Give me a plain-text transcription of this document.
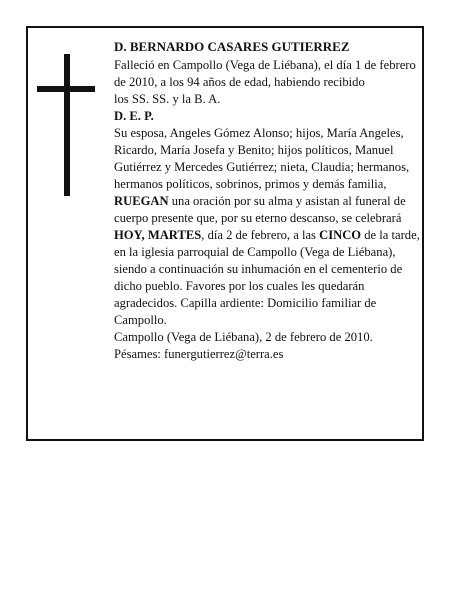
D. BERNARDO CASARES GUTIERREZ

Falleció en Campollo (Vega de Liébana), el día 1 de febrero de 2010, a los 94 años de edad, habiendo recibido

los SS. SS. y la B. A.

D. E. P.

Su esposa, Angeles Gómez Alonso; hijos, María Angeles, Ricardo, María Josefa y Benito; hijos políticos, Manuel Gutiérrez y Mercedes Gutiérrez; nieta, Claudia; hermanos, hermanos políticos, sobrinos, primos y demás familia,

RUEGAN una oración por su alma y asistan al funeral de cuerpo presente que, por su eterno descanso, se celebrará HOY, MARTES, día 2 de febrero, a las CINCO de la tarde, en la iglesia parroquial de Campollo (Vega de Liébana), siendo a continuación su inhumación en el cementerio de dicho pueblo. Favores por los cuales les quedarán agradecidos. Capilla ardiente: Domicilio familiar de Campollo.

Campollo (Vega de Liébana), 2 de febrero de 2010.

Pésames: funergutierrez@terra.es
